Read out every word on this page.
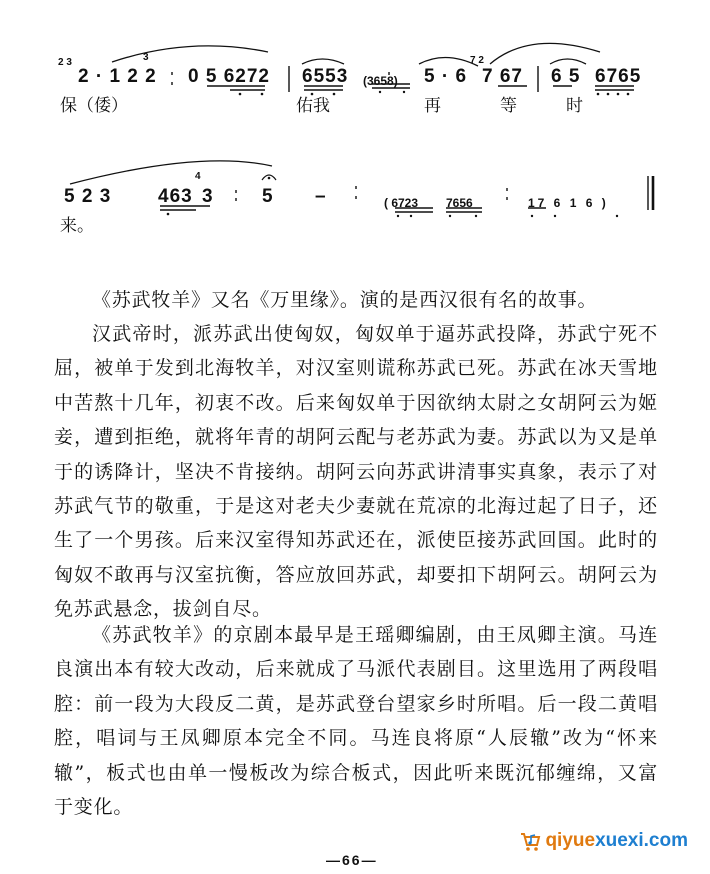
2 3	3	7 2
2 · 1 2 2 0 5 6272 6553 (3658) 5 · 6 7 67 6 5 6765
保（倭）	佑我	再	等	时
4
5 2 3 463 3	5 –	( 6723 7656	17 6 1 6 )
来。

《苏武牧羊》又名《万里缘》。演的是西汉很有名的故事。

汉武帝时，派苏武出使匈奴，匈奴单于逼苏武投降，苏武宁死不屈，被单于发到北海牧羊，对汉室则谎称苏武已死。苏武在冰天雪地中苦熬十几年，初衷不改。后来匈奴单于因欲纳太尉之女胡阿云为姬妾，遭到拒绝，就将年青的胡阿云配与老苏武为妻。苏武以为又是单于的诱降计，坚决不肯接纳。胡阿云向苏武讲清事实真象，表示了对苏武气节的敬重，于是这对老夫少妻就在荒凉的北海过起了日子，还生了一个男孩。后来汉室得知苏武还在，派使臣接苏武回国。此时的匈奴不敢再与汉室抗衡，答应放回苏武，却要扣下胡阿云。胡阿云为免苏武悬念，拔剑自尽。

《苏武牧羊》的京剧本最早是王瑶卿编剧，由王凤卿主演。马连良演出本有较大改动，后来就成了马派代表剧目。这里选用了两段唱腔：前一段为大段反二黄，是苏武登台望家乡时所唱。后一段二黄唱腔，唱词与王凤卿原本完全不同。马连良将原“人辰辙”改为“怀来辙”，板式也由单一慢板改为综合板式，因此听来既沉郁缠绵，又富于变化。

—66—
qiyue xuexi.com
